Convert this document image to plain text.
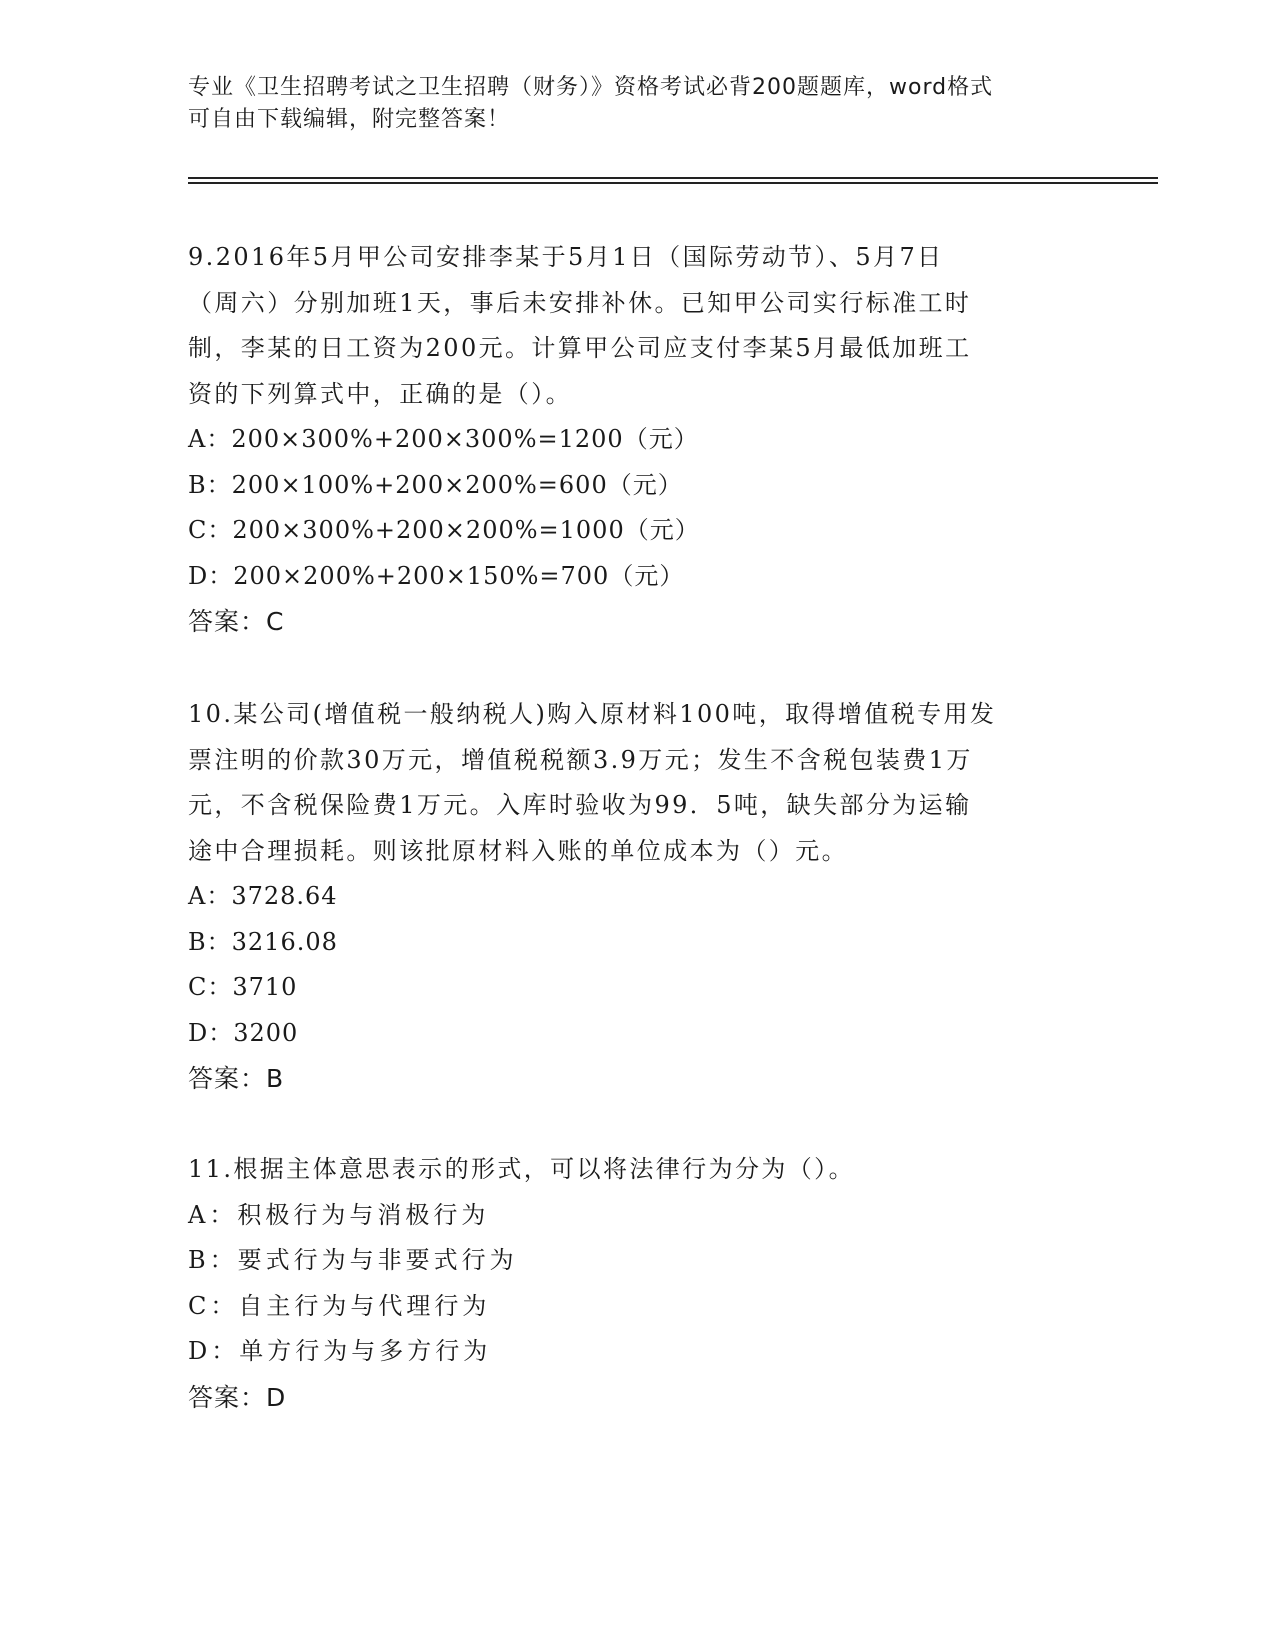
专业《卫生招聘考试之卫生招聘（财务）》资格考试必背200题题库，word格式
可自由下载编辑，附完整答案！
9.2016年5月甲公司安排李某于5月1日（国际劳动节）、5月7日
（周六）分别加班1天，事后未安排补休。已知甲公司实行标准工时
制，李某的日工资为200元。计算甲公司应支付李某5月最低加班工
资的下列算式中，正确的是（）。
A：200×300%+200×300%=1200（元）
B：200×100%+200×200%=600（元）
C：200×300%+200×200%=1000（元）
D：200×200%+200×150%=700（元）
答案：C
10.某公司(增值税一般纳税人)购入原材料100吨，取得增值税专用发
票注明的价款30万元，增值税税额3.9万元；发生不含税包装费1万
元，不含税保险费1万元。入库时验收为99．5吨，缺失部分为运输
途中合理损耗。则该批原材料入账的单位成本为（）元。
A：3728.64
B：3216.08
C：3710
D：3200
答案：B
11.根据主体意思表示的形式，可以将法律行为分为（）。
A：积极行为与消极行为
B：要式行为与非要式行为
C：自主行为与代理行为
D：单方行为与多方行为
答案：D
